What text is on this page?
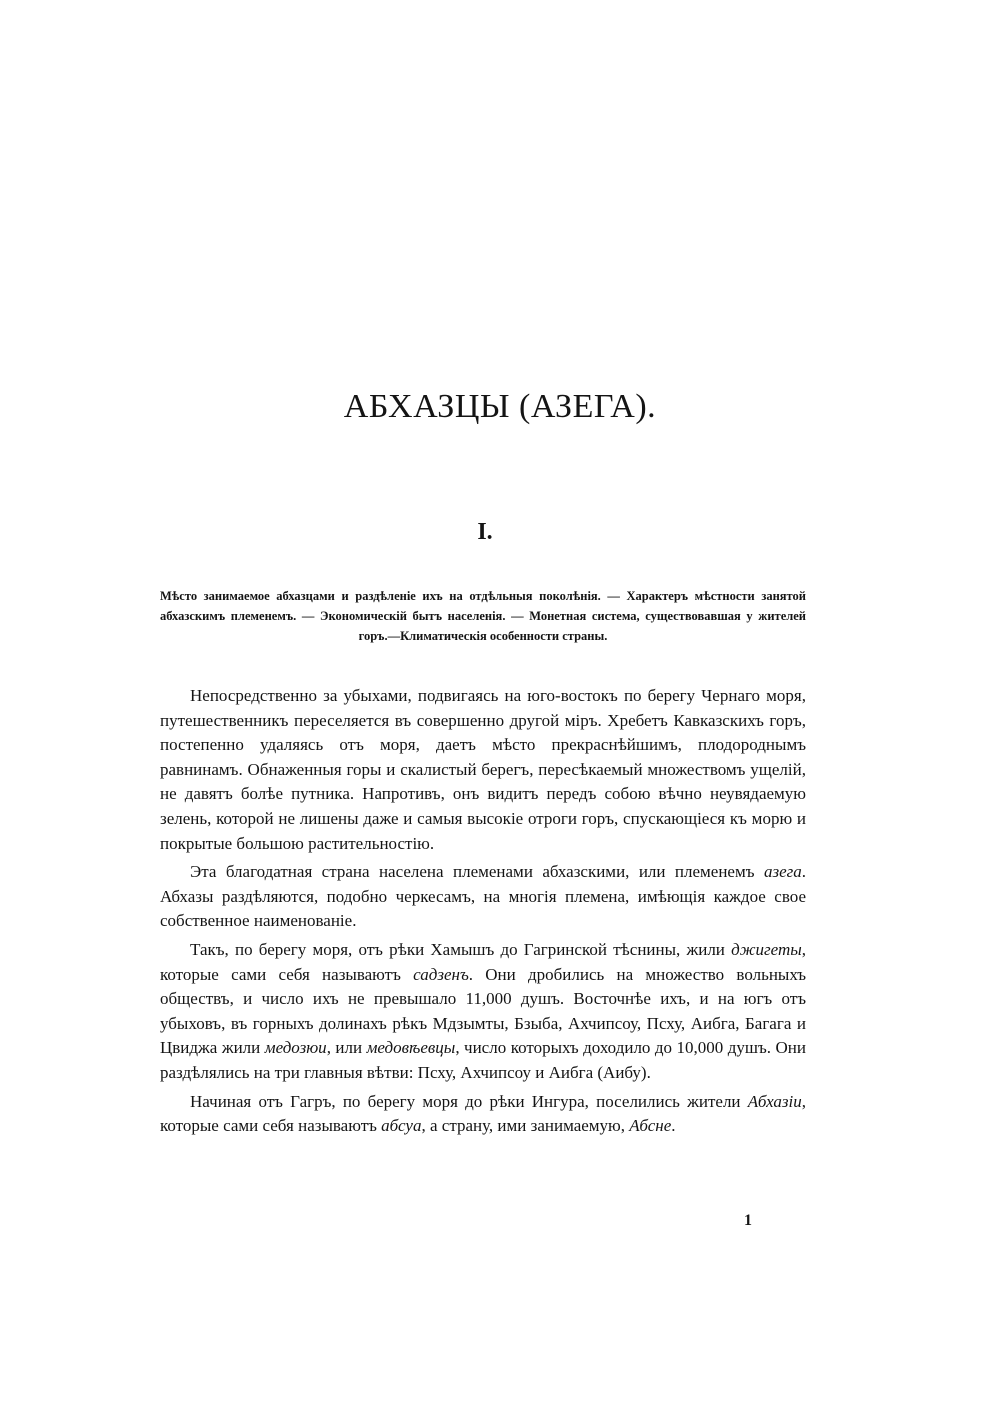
АБХАЗЦЫ (АЗЕГА).
I.

Мѣсто занимаемое абхазцами и раздѣленіе ихъ на отдѣльныя поколѣнія. — Характеръ мѣстности занятой абхазскимъ племенемъ. — Экономическій бытъ населенія. — Монетная система, существовавшая у жителей горъ.—Климатическія особенности страны.

Непосредственно за убыхами, подвигаясь на юго-востокъ по берегу Чернаго моря, путешественникъ переселяется въ совершенно другой міръ. Хребетъ Кавказскихъ горъ, постепенно удаляясь отъ моря, даетъ мѣсто прекраснѣйшимъ, плодороднымъ равнинамъ. Обнаженныя горы и скалистый берегъ, пересѣкаемый множествомъ ущелій, не давятъ болѣе путника. Напротивъ, онъ видитъ передъ собою вѣчно неувядаемую зелень, которой не лишены даже и самыя высокіе отроги горъ, спускающіеся къ морю и покрытые большою растительностію.

Эта благодатная страна населена племенами абхазскими, или племенемъ азега. Абхазы раздѣляются, подобно черкесамъ, на многія племена, имѣющія каждое свое собственное наименованіе.

Такъ, по берегу моря, отъ рѣки Хамышъ до Гагринской тѣснины, жили джигеты, которые сами себя называютъ садзенъ. Они дробились на множество вольныхъ обществъ, и число ихъ не превышало 11,000 душъ. Восточнѣе ихъ, и на югъ отъ убыховъ, въ горныхъ долинахъ рѣкъ Мдзымты, Бзыба, Ахчипсоу, Псху, Аибга, Багага и Цвиджа жили медозюи, или медовѣевцы, число которыхъ доходило до 10,000 душъ. Они раздѣлялись на три главныя вѣтви: Псху, Ахчипсоу и Аибга (Аибу).

Начиная отъ Гагръ, по берегу моря до рѣки Ингура, поселились жители Абхазіи, которые сами себя называютъ абсуа, а страну, ими занимаемую, Абсне.

1
